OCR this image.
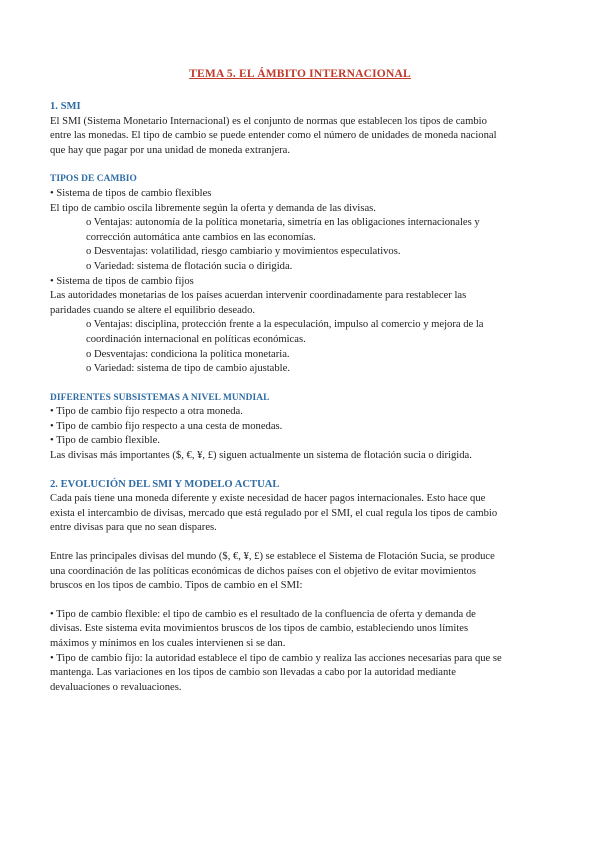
TEMA 5. EL ÁMBITO INTERNACIONAL
1. SMI

El SMI (Sistema Monetario Internacional) es el conjunto de normas que establecen los tipos de cambio

entre las monedas. El tipo de cambio se puede entender como el número de unidades de moneda nacional

que hay que pagar por una unidad de moneda extranjera.

TIPOS DE CAMBIO

• Sistema de tipos de cambio flexibles

El tipo de cambio oscila libremente según la oferta y demanda de las divisas.

o Ventajas: autonomía de la política monetaria, simetría en las obligaciones internacionales y

corrección automática ante cambios en las economías.

o Desventajas: volatilidad, riesgo cambiario y movimientos especulativos.

o Variedad: sistema de flotación sucia o dirigida.

• Sistema de tipos de cambio fijos

Las autoridades monetarias de los países acuerdan intervenir coordinadamente para restablecer las

paridades cuando se altere el equilibrio deseado.

o Ventajas: disciplina, protección frente a la especulación, impulso al comercio y mejora de la

coordinación internacional en políticas económicas.

o Desventajas: condiciona la política monetaria.

o Variedad: sistema de tipo de cambio ajustable.

DIFERENTES SUBSISTEMAS A NIVEL MUNDIAL

• Tipo de cambio fijo respecto a otra moneda.

• Tipo de cambio fijo respecto a una cesta de monedas.

• Tipo de cambio flexible.

Las divisas más importantes ($, €, ¥, £) siguen actualmente un sistema de flotación sucia o dirigida.

2. EVOLUCIÓN DEL SMI Y MODELO ACTUAL

Cada país tiene una moneda diferente y existe necesidad de hacer pagos internacionales. Esto hace que

exista el intercambio de divisas, mercado que está regulado por el SMI, el cual regula los tipos de cambio

entre divisas para que no sean dispares.

Entre las principales divisas del mundo ($, €, ¥, £) se establece el Sistema de Flotación Sucia, se produce

una coordinación de las políticas económicas de dichos países con el objetivo de evitar movimientos

bruscos en los tipos de cambio. Tipos de cambio en el SMI:

• Tipo de cambio flexible: el tipo de cambio es el resultado de la confluencia de oferta y demanda de

divisas. Este sistema evita movimientos bruscos de los tipos de cambio, estableciendo unos límites

máximos y mínimos en los cuales intervienen si se dan.

• Tipo de cambio fijo: la autoridad establece el tipo de cambio y realiza las acciones necesarias para que se

mantenga. Las variaciones en los tipos de cambio son llevadas a cabo por la autoridad mediante

devaluaciones o revaluaciones.
